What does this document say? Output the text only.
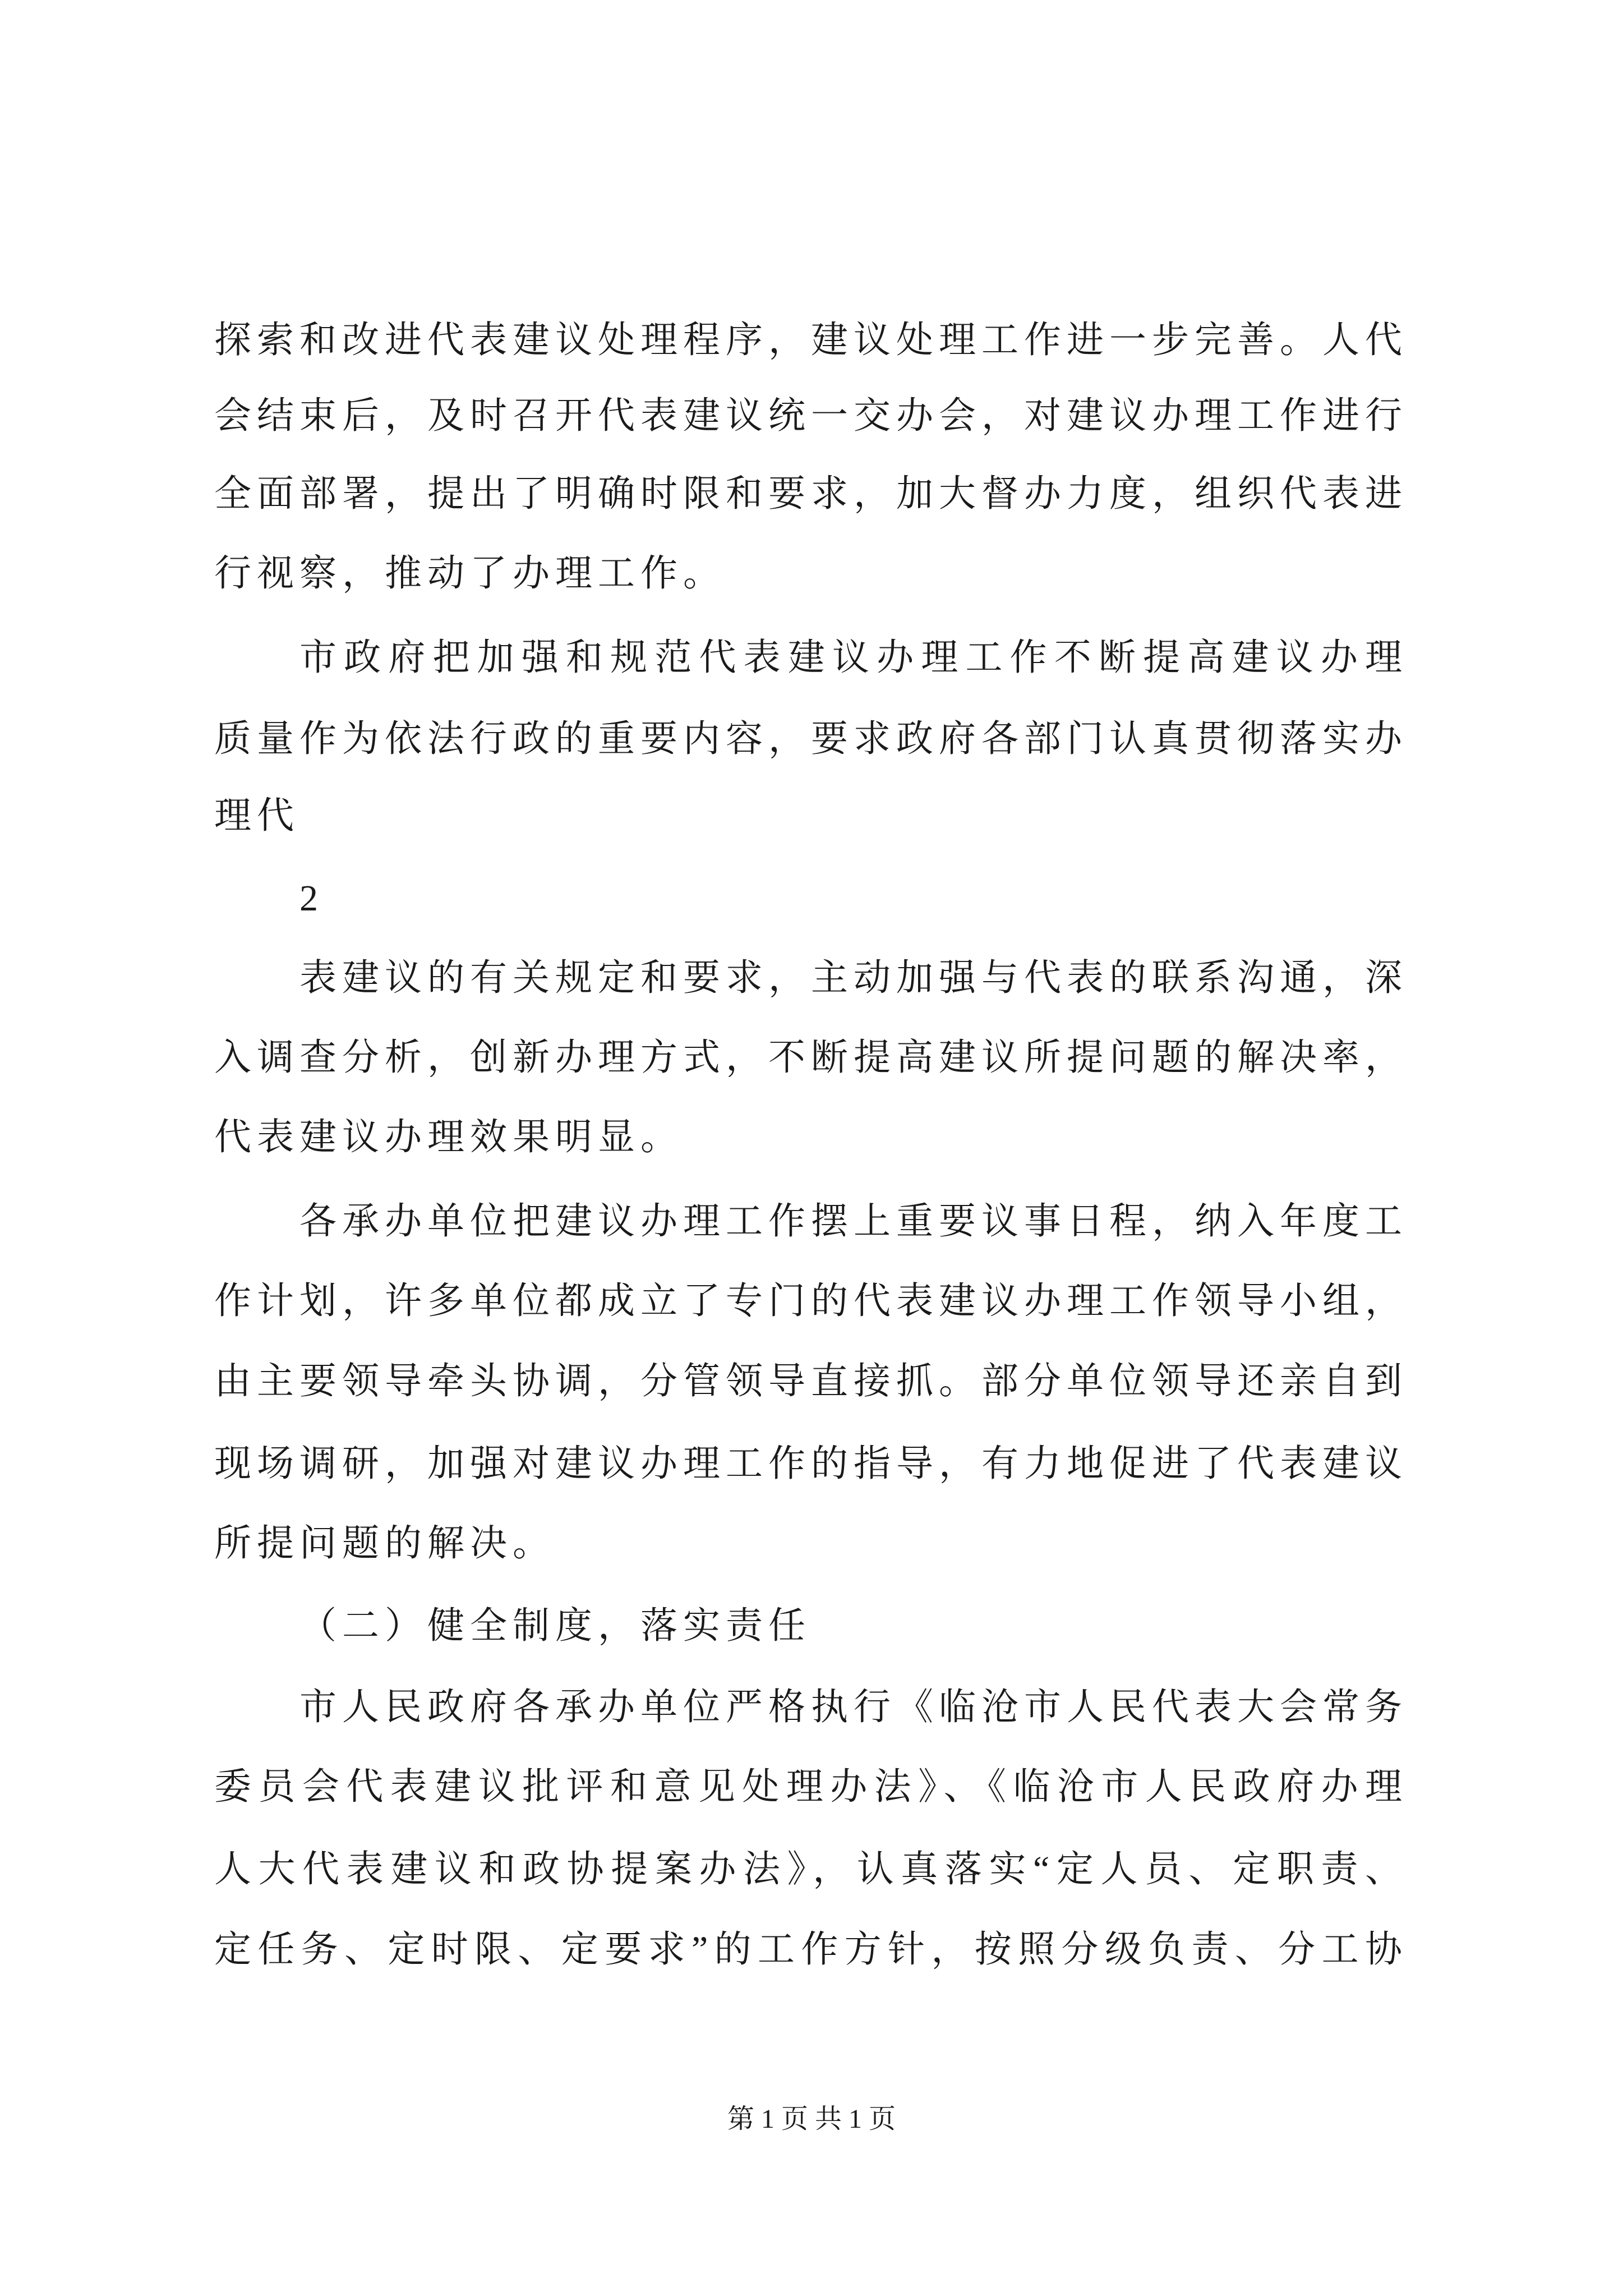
探索和改进代表建议处理程序，建议处理工作进一步完善。人代
会结束后，及时召开代表建议统一交办会，对建议办理工作进行
全面部署，提出了明确时限和要求，加大督办力度，组织代表进
行视察，推动了办理工作。
市政府把加强和规范代表建议办理工作不断提高建议办理
质量作为依法行政的重要内容，要求政府各部门认真贯彻落实办
理代
2
表建议的有关规定和要求，主动加强与代表的联系沟通，深
入调查分析，创新办理方式，不断提高建议所提问题的解决率，
代表建议办理效果明显。
各承办单位把建议办理工作摆上重要议事日程，纳入年度工
作计划，许多单位都成立了专门的代表建议办理工作领导小组，
由主要领导牵头协调，分管领导直接抓。部分单位领导还亲自到
现场调研，加强对建议办理工作的指导，有力地促进了代表建议
所提问题的解决。
（二）健全制度，落实责任
市人民政府各承办单位严格执行《临沧市人民代表大会常务
委员会代表建议批评和意见处理办法》、《临沧市人民政府办理
人大代表建议和政协提案办法》，认真落实“定人员、定职责、
定任务、定时限、定要求”的工作方针，按照分级负责、分工协
第 1 页 共 1 页
